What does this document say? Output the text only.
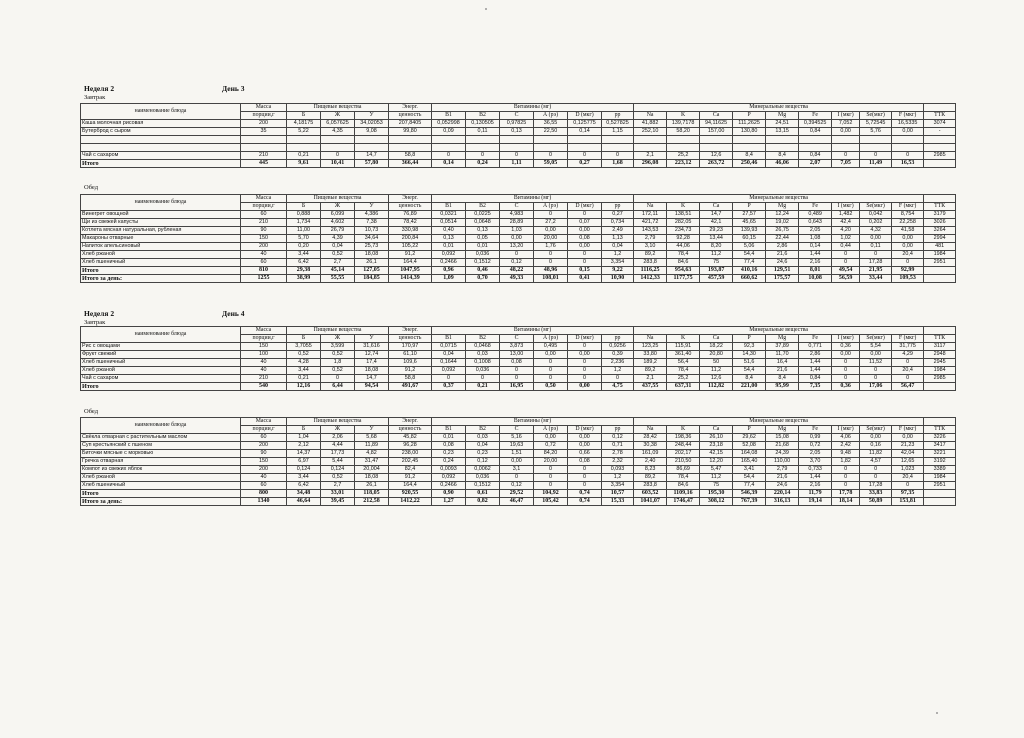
Неделя 2	День 3
Завтрак
наименование блюда	Масса	Пищевые вещества			Энерг.	Витамины (мг)						Минеральные вещества									
	порции,г	Б	Ж	У	ценность	В1	В2	С	А (рэ)	D (мкг)	рр	Na	K	Ca	P	Mg	Fe	I (мкг)	Se(мкг)	F (мкг)	ТТК
Каша молочная рисовая	200	4,18175	6,057625	34,02053	207,8405	0,052998	0,130505	0,97825	36,55	0,125775	0,527825	41,882	139,7178	94,11625	111,2625	24,51	0,394525	7,052	5,72545	16,5335	3074
Бутерброд с сыром	35	5,22	4,35	9,08	99,80	0,09	0,11	0,13	22,50	0,14	1,15	252,10	58,20	157,00	130,80	13,15	0,84	0,00	5,76	0,00	-

Чай с сахаром	210	0,21	0	14,7	58,8	0	0	0	0	0	0	2,1	25,2	12,6	8,4	8,4	0,84	0	0	0	2985
Итого	445	9,61	10,41	57,80	366,44	0,14	0,24	1,11	59,05	0,27	1,68	296,08	223,12	263,72	250,46	46,06	2,07	7,05	11,49	16,53	
Обед
наименование блюда	Масса	Пищевые вещества			Энерг.	Витамины (мг)						Минеральные вещества									
	порции,г	Б	Ж	У	ценность	В1	В2	С	А (рэ)	D (мкг)	рр	Na	K	Ca	P	Mg	Fe	I (мкг)	Se(мкг)	F (мкг)	ТТК
Винегрет овощной	60	0,888	6,099	4,386	76,89	0,0321	0,0225	4,983	0	0	0,27	172,11	138,51	14,7	27,57	12,24	0,489	1,482	0,042	8,754	3179
Щи из свежей капусты	210	1,734	4,602	7,38	78,42	0,0514	0,0648	28,89	27,2	0,07	0,734	421,72	282,05	42,1	45,65	19,02	0,643	42,4	0,202	22,258	3026
Котлета мясная натуральная, рубленая	90	11,00	26,79	10,73	330,98	0,40	0,13	1,03	0,00	0,00	2,49	143,53	234,73	29,23	139,93	26,75	2,05	4,20	4,32	41,58	3264
Макароны отварные	150	5,70	4,39	34,64	200,84	0,13	0,05	0,00	20,00	0,08	1,13	2,79	92,28	13,44	60,15	22,44	1,08	1,02	0,00	0,00	2994
Напиток апельсиновый	200	0,20	0,04	25,73	105,22	0,01	0,01	13,20	1,76	0,00	0,04	3,10	44,06	8,20	5,06	2,86	0,14	0,44	0,11	0,00	481
Хлеб ржаной	40	3,44	0,52	18,08	91,2	0,092	0,036	0	0	0	1,2	89,2	78,4	11,2	54,4	21,6	1,44	0	0	20,4	1984
Хлеб пшеничный	60	6,42	2,7	26,1	164,4	0,2466	0,1512	0,12	0	0	3,354	283,8	84,6	75	77,4	24,6	2,16	0	17,28	0	2951
Итого	810	29,38	45,14	127,05	1047,95	0,96	0,46	48,22	48,96	0,15	9,22	1116,25	954,63	193,87	410,16	129,51	8,01	49,54	21,95	92,99	
Итого за день:	1255	38,99	55,55	184,85	1414,39	1,09	0,70	49,33	108,01	0,41	10,90	1412,33	1177,75	457,59	660,62	175,57	10,08	56,59	33,44	109,53	
Неделя 2	День 4
Завтрак
наименование блюда	Масса	Пищевые вещества			Энерг.	Витамины (мг)						Минеральные вещества									
	порции,г	Б	Ж	У	ценность	В1	В2	С	А (рэ)	D (мкг)	рр	Na	K	Ca	P	Mg	Fe	I (мкг)	Se(мкг)	F (мкг)	ТТК
Рис с овощами	150	3,7055	3,599	31,616	170,97	0,0715	0,0468	3,873	0,495	0	0,9256	123,25	115,91	18,22	92,3	37,89	0,771	0,36	5,54	31,775	3117
Фрукт свежий	100	0,52	0,52	12,74	61,10	0,04	0,03	13,00	0,00	0,00	0,39	33,80	361,40	20,80	14,30	11,70	2,86	0,00	0,00	4,29	2948
Хлеб пшеничный	40	4,28	1,8	17,4	109,6	0,1644	0,1008	0,08	0	0	2,236	189,2	56,4	50	51,6	16,4	1,44	0	11,52	0	2945
Хлеб ржаной	40	3,44	0,52	18,08	91,2	0,092	0,036	0	0	0	1,2	89,2	78,4	11,2	54,4	21,6	1,44	0	0	20,4	1984
Чай с сахаром	210	0,21	0	14,7	58,8	0	0	0	0	0	0	2,1	25,2	12,6	8,4	8,4	0,84	0	0	0	2985
Итого	540	12,16	6,44	94,54	491,67	0,37	0,21	16,95	0,50	0,00	4,75	437,55	637,31	112,82	221,00	95,99	7,35	0,36	17,06	56,47	
Обед
наименование блюда	Масса	Пищевые вещества			Энерг.	Витамины (мг)						Минеральные вещества									
	порции,г	Б	Ж	У	ценность	В1	В2	С	А (рэ)	D (мкг)	рр	Na	K	Ca	P	Mg	Fe	I (мкг)	Se(мкг)	F (мкг)	ТТК
Свёкла отварная с растительным маслом	60	1,04	2,06	5,68	45,82	0,01	0,03	5,16	0,00	0,00	0,12	28,42	198,36	26,10	29,62	15,08	0,99	4,06	0,00	0,00	3226
Суп крестьянский с пшеном	200	2,12	4,44	11,89	96,28	0,08	0,04	19,63	0,72	0,00	0,71	30,38	248,44	23,18	52,08	21,68	0,72	2,42	0,16	21,23	3417
Биточки мясные с морковью	90	14,37	17,73	4,82	238,00	0,23	0,23	1,51	84,20	0,66	2,78	161,09	202,17	42,15	164,08	24,39	2,05	9,48	11,82	42,04	3221
Гречка отварная	150	6,97	5,44	31,47	202,45	0,24	0,12	0,00	20,00	0,08	2,32	2,40	210,50	12,20	165,40	110,00	3,70	1,82	4,57	12,65	3192
Компот из свежих яблок	200	0,124	0,124	20,004	82,4	0,0093	0,0062	3,1	0	0	0,093	8,23	86,69	5,47	3,41	2,79	0,733	0	0	1,023	3389
Хлеб ржаной	40	3,44	0,52	18,08	91,2	0,092	0,036	0	0	0	1,2	89,2	78,4	11,2	54,4	21,6	1,44	0	0	20,4	1984
Хлеб пшеничный	60	6,42	2,7	26,1	164,4	0,2466	0,1512	0,12	0	0	3,354	283,8	84,6	75	77,4	24,6	2,16	0	17,28	0	2951
Итого	800	34,48	33,01	118,05	920,55	0,90	0,61	29,52	104,92	0,74	10,57	603,52	1109,16	195,30	546,39	220,14	11,79	17,78	33,83	97,35	
Итого за день:	1340	46,64	39,45	212,58	1412,22	1,27	0,82	46,47	105,42	0,74	15,33	1041,07	1746,47	308,12	767,39	316,13	19,14	18,14	50,89	153,81	
